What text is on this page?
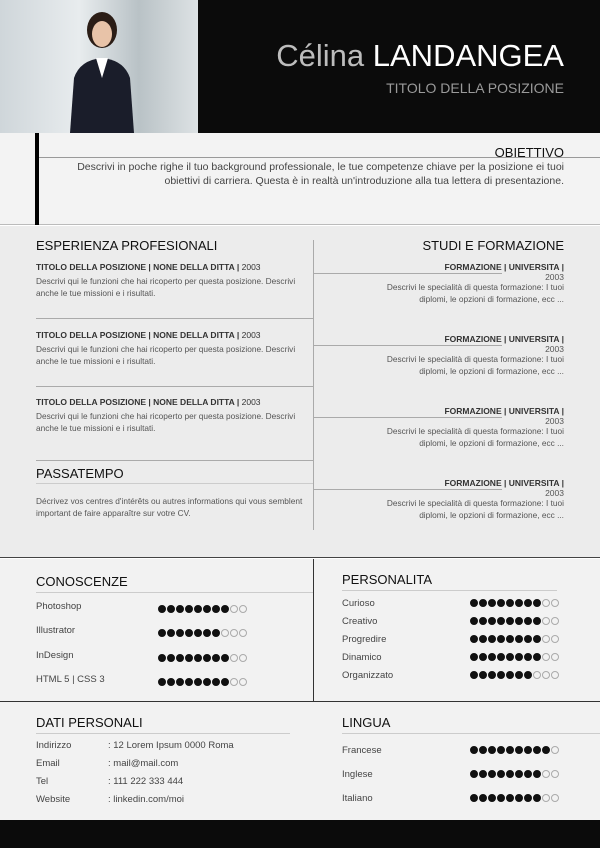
Célina LANDANGEA
TITOLO DELLA POSIZIONE
OBIETTIVO

Descrivi in poche righe il tuo background professionale, le tue competenze chiave per la posizione ei tuoi obiettivi di carriera. Questa è in realtà un'introduzione alla tua lettera di presentazione.

ESPERIENZA PROFESIONALI
TITOLO DELLA POSIZIONE | NONE DELLA DITTA | 2003

Descrivi qui le funzioni che hai ricoperto per questa posizione. Descrivi anche le tue missioni e i risultati.

TITOLO DELLA POSIZIONE | NONE DELLA DITTA | 2003

Descrivi qui le funzioni che hai ricoperto per questa posizione. Descrivi anche le tue missioni e i risultati.

TITOLO DELLA POSIZIONE | NONE DELLA DITTA | 2003

Descrivi qui le funzioni che hai ricoperto per questa posizione. Descrivi anche le tue missioni e i risultati.

PASSATEMPO

Décrivez vos centres d'intérêts ou autres informations qui vous semblent important de faire apparaître sur votre CV.

STUDI E FORMAZIONE
FORMAZIONE | UNIVERSITA |
2003

Descrivi le specialità di questa formazione: I tuoi diplomi, le opzioni di formazione, ecc ...

FORMAZIONE | UNIVERSITA |
2003

Descrivi le specialità di questa formazione: I tuoi diplomi, le opzioni di formazione, ecc ...

FORMAZIONE | UNIVERSITA |
2003

Descrivi le specialità di questa formazione: I tuoi diplomi, le opzioni di formazione, ecc ...

FORMAZIONE | UNIVERSITA |
2003

Descrivi le specialità di questa formazione: I tuoi diplomi, le opzioni di formazione, ecc ...

CONOSCENZE	PERSONALITA
DATI PERSONALI	LINGUA
Photoshop
Illustrator
InDesign
HTML 5 | CSS 3
Curioso
Creativo
Progredire
Dinamico
Organizzato
Francese
Inglese
Italiano
Indirizzo	: 12 Lorem Ipsum 0000 Roma
Email	: mail@mail.com
Tel	: 111 222 333 444
Website	: linkedin.com/moi
